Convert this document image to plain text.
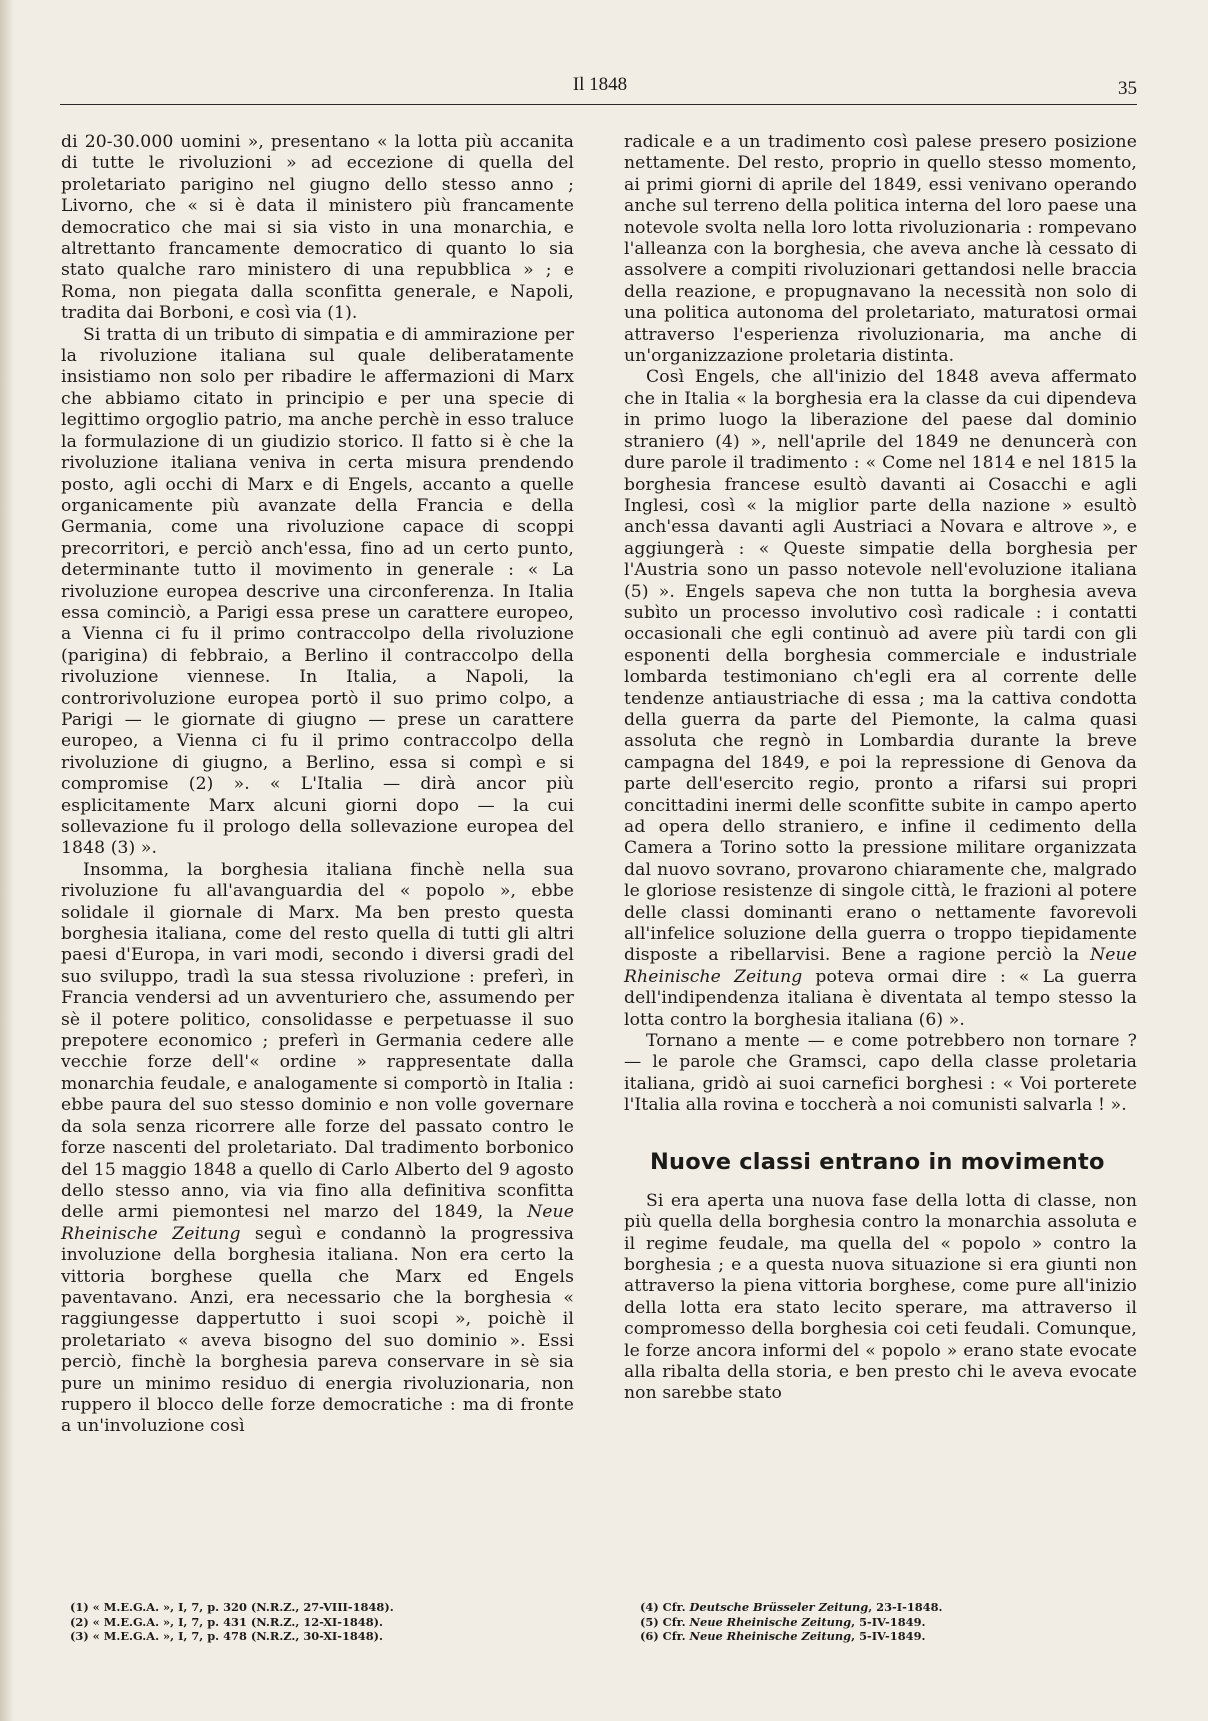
Il 1848	35

di 20-30.000 uomini », presentano « la lotta più accanita di tutte le rivoluzioni » ad eccezione di quella del proletariato parigino nel giugno dello stesso anno ; Livorno, che « si è data il ministero più francamente democratico che mai si sia visto in una monarchia, e altrettanto francamente democratico di quanto lo sia stato qualche raro ministero di una repubblica » ; e Roma, non piegata dalla sconfitta generale, e Napoli, tradita dai Borboni, e così via (1).

Si tratta di un tributo di simpatia e di ammirazione per la rivoluzione italiana sul quale deliberatamente insistiamo non solo per ribadire le affermazioni di Marx che abbiamo citato in principio e per una specie di legittimo orgoglio patrio, ma anche perchè in esso traluce la formulazione di un giudizio storico. Il fatto si è che la rivoluzione italiana veniva in certa misura prendendo posto, agli occhi di Marx e di Engels, accanto a quelle organicamente più avanzate della Francia e della Germania, come una rivoluzione capace di scoppi precorritori, e perciò anch'essa, fino ad un certo punto, determinante tutto il movimento in generale : « La rivoluzione europea descrive una circonferenza. In Italia essa cominciò, a Parigi essa prese un carattere europeo, a Vienna ci fu il primo contraccolpo della rivoluzione (parigina) di febbraio, a Berlino il contraccolpo della rivoluzione viennese. In Italia, a Napoli, la controrivoluzione europea portò il suo primo colpo, a Parigi — le giornate di giugno — prese un carattere europeo, a Vienna ci fu il primo contraccolpo della rivoluzione di giugno, a Berlino, essa si compì e si compromise (2) ». « L'Italia — dirà ancor più esplicitamente Marx alcuni giorni dopo — la cui sollevazione fu il prologo della sollevazione europea del 1848 (3) ».

Insomma, la borghesia italiana finchè nella sua rivoluzione fu all'avanguardia del « popolo », ebbe solidale il giornale di Marx. Ma ben presto questa borghesia italiana, come del resto quella di tutti gli altri paesi d'Europa, in vari modi, secondo i diversi gradi del suo sviluppo, tradì la sua stessa rivoluzione : preferì, in Francia vendersi ad un avventuriero che, assumendo per sè il potere politico, consolidasse e perpetuasse il suo prepotere economico ; preferì in Germania cedere alle vecchie forze dell'« ordine » rappresentate dalla monarchia feudale, e analogamente si comportò in Italia : ebbe paura del suo stesso dominio e non volle governare da sola senza ricorrere alle forze del passato contro le forze nascenti del proletariato. Dal tradimento borbonico del 15 maggio 1848 a quello di Carlo Alberto del 9 agosto dello stesso anno, via via fino alla definitiva sconfitta delle armi piemontesi nel marzo del 1849, la Neue Rheinische Zeitung seguì e condannò la progressiva involuzione della borghesia italiana. Non era certo la vittoria borghese quella che Marx ed Engels paventavano. Anzi, era necessario che la borghesia « raggiungesse dappertutto i suoi scopi », poichè il proletariato « aveva bisogno del suo dominio ». Essi perciò, finchè la borghesia pareva conservare in sè sia pure un minimo residuo di energia rivoluzionaria, non ruppero il blocco delle forze democratiche : ma di fronte a un'involuzione così

radicale e a un tradimento così palese presero posizione nettamente. Del resto, proprio in quello stesso momento, ai primi giorni di aprile del 1849, essi venivano operando anche sul terreno della politica interna del loro paese una notevole svolta nella loro lotta rivoluzionaria : rompevano l'alleanza con la borghesia, che aveva anche là cessato di assolvere a compiti rivoluzionari gettandosi nelle braccia della reazione, e propugnavano la necessità non solo di una politica autonoma del proletariato, maturatosi ormai attraverso l'esperienza rivoluzionaria, ma anche di un'organizzazione proletaria distinta.

Così Engels, che all'inizio del 1848 aveva affermato che in Italia « la borghesia era la classe da cui dipendeva in primo luogo la liberazione del paese dal dominio straniero (4) », nell'aprile del 1849 ne denuncerà con dure parole il tradimento : « Come nel 1814 e nel 1815 la borghesia francese esultò davanti ai Cosacchi e agli Inglesi, così « la miglior parte della nazione » esultò anch'essa davanti agli Austriaci a Novara e altrove », e aggiungerà : « Queste simpatie della borghesia per l'Austria sono un passo notevole nell'evoluzione italiana (5) ». Engels sapeva che non tutta la borghesia aveva subìto un processo involutivo così radicale : i contatti occasionali che egli continuò ad avere più tardi con gli esponenti della borghesia commerciale e industriale lombarda testimoniano ch'egli era al corrente delle tendenze antiaustriache di essa ; ma la cattiva condotta della guerra da parte del Piemonte, la calma quasi assoluta che regnò in Lombardia durante la breve campagna del 1849, e poi la repressione di Genova da parte dell'esercito regio, pronto a rifarsi sui propri concittadini inermi delle sconfitte subite in campo aperto ad opera dello straniero, e infine il cedimento della Camera a Torino sotto la pressione militare organizzata dal nuovo sovrano, provarono chiaramente che, malgrado le gloriose resistenze di singole città, le frazioni al potere delle classi dominanti erano o nettamente favorevoli all'infelice soluzione della guerra o troppo tiepidamente disposte a ribellarvisi. Bene a ragione perciò la Neue Rheinische Zeitung poteva ormai dire : « La guerra dell'indipendenza italiana è diventata al tempo stesso la lotta contro la borghesia italiana (6) ».

Tornano a mente — e come potrebbero non tornare ? — le parole che Gramsci, capo della classe proletaria italiana, gridò ai suoi carnefici borghesi : « Voi porterete l'Italia alla rovina e toccherà a noi comunisti salvarla ! ».

Nuove classi entrano in movimento

Si era aperta una nuova fase della lotta di classe, non più quella della borghesia contro la monarchia assoluta e il regime feudale, ma quella del « popolo » contro la borghesia ; e a questa nuova situazione si era giunti non attraverso la piena vittoria borghese, come pure all'inizio della lotta era stato lecito sperare, ma attraverso il compromesso della borghesia coi ceti feudali. Comunque, le forze ancora informi del « popolo » erano state evocate alla ribalta della storia, e ben presto chi le aveva evocate non sarebbe stato

(1) « M.E.G.A. », I, 7, p. 320 (N.R.Z., 27-VIII-1848).
(2) « M.E.G.A. », I, 7, p. 431 (N.R.Z., 12-XI-1848).
(3) « M.E.G.A. », I, 7, p. 478 (N.R.Z., 30-XI-1848).
(4) Cfr. Deutsche Brüsseler Zeitung, 23-I-1848.
(5) Cfr. Neue Rheinische Zeitung, 5-IV-1849.
(6) Cfr. Neue Rheinische Zeitung, 5-IV-1849.
